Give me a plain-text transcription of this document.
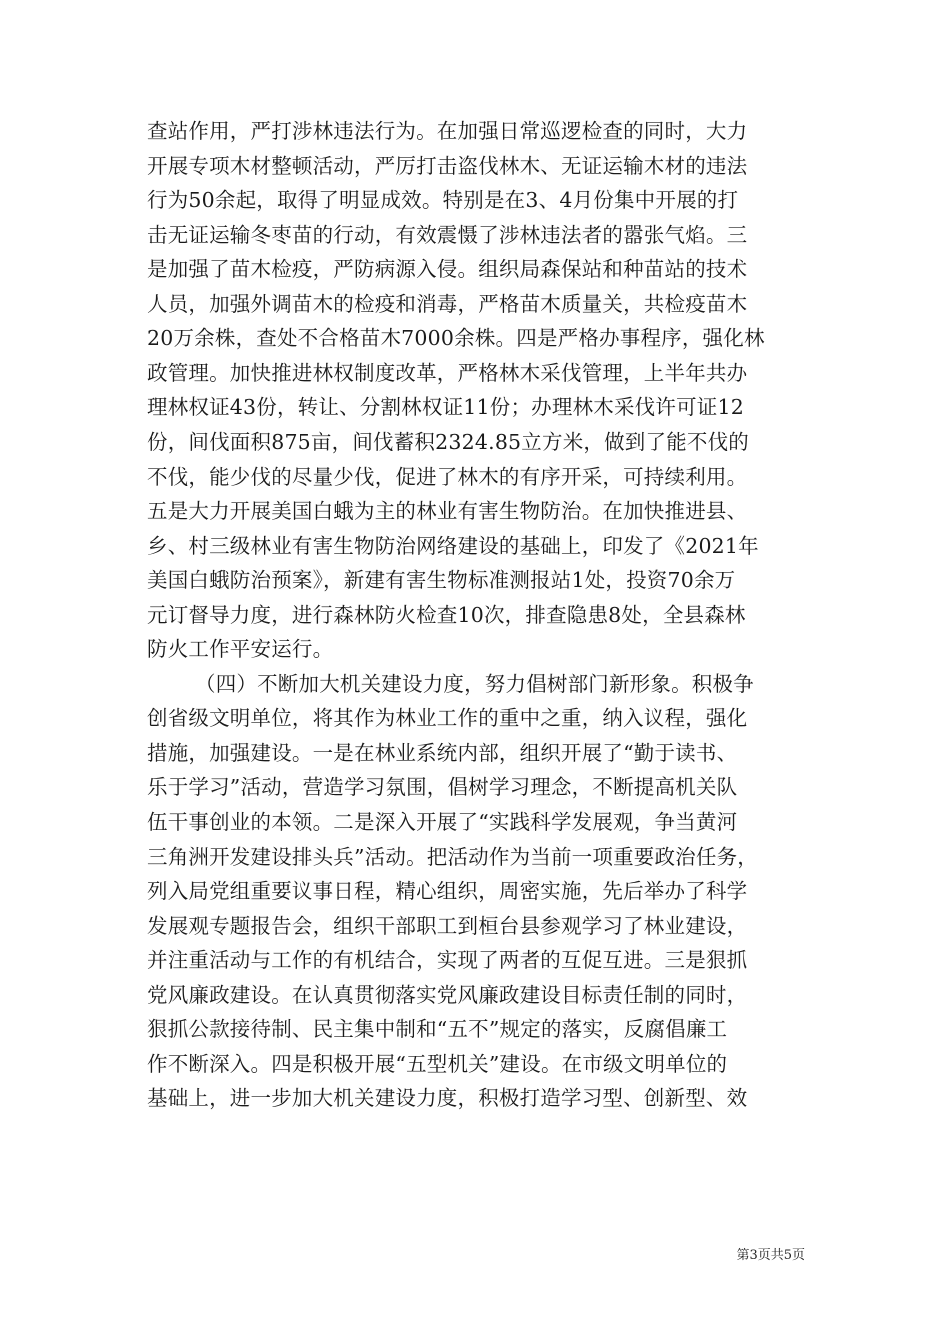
查站作用，严打涉林违法行为。在加强日常巡逻检查的同时，大力
开展专项木材整顿活动，严厉打击盗伐林木、无证运输木材的违法
行为50余起，取得了明显成效。特别是在3、4月份集中开展的打
击无证运输冬枣苗的行动，有效震慑了涉林违法者的嚣张气焰。三
是加强了苗木检疫，严防病源入侵。组织局森保站和种苗站的技术
人员，加强外调苗木的检疫和消毒，严格苗木质量关，共检疫苗木
20万余株，查处不合格苗木7000余株。四是严格办事程序，强化林
政管理。加快推进林权制度改革，严格林木采伐管理，上半年共办
理林权证43份，转让、分割林权证11份；办理林木采伐许可证12
份，间伐面积875亩，间伐蓄积2324.85立方米，做到了能不伐的
不伐，能少伐的尽量少伐，促进了林木的有序开采，可持续利用。
五是大力开展美国白蛾为主的林业有害生物防治。在加快推进县、
乡、村三级林业有害生物防治网络建设的基础上，印发了《2021年
美国白蛾防治预案》，新建有害生物标准测报站1处，投资70余万
元订督导力度，进行森林防火检查10次，排查隐患8处，全县森林
防火工作平安运行。
（四）不断加大机关建设力度，努力倡树部门新形象。积极争
创省级文明单位，将其作为林业工作的重中之重，纳入议程，强化
措施，加强建设。一是在林业系统内部，组织开展了“勤于读书、
乐于学习”活动，营造学习氛围，倡树学习理念，不断提高机关队
伍干事创业的本领。二是深入开展了“实践科学发展观，争当黄河
三角洲开发建设排头兵”活动。把活动作为当前一项重要政治任务，
列入局党组重要议事日程，精心组织，周密实施，先后举办了科学
发展观专题报告会，组织干部职工到桓台县参观学习了林业建设，
并注重活动与工作的有机结合，实现了两者的互促互进。三是狠抓
党风廉政建设。在认真贯彻落实党风廉政建设目标责任制的同时，
狠抓公款接待制、民主集中制和“五不”规定的落实，反腐倡廉工
作不断深入。四是积极开展“五型机关”建设。在市级文明单位的
基础上，进一步加大机关建设力度，积极打造学习型、创新型、效
第3页共5页
